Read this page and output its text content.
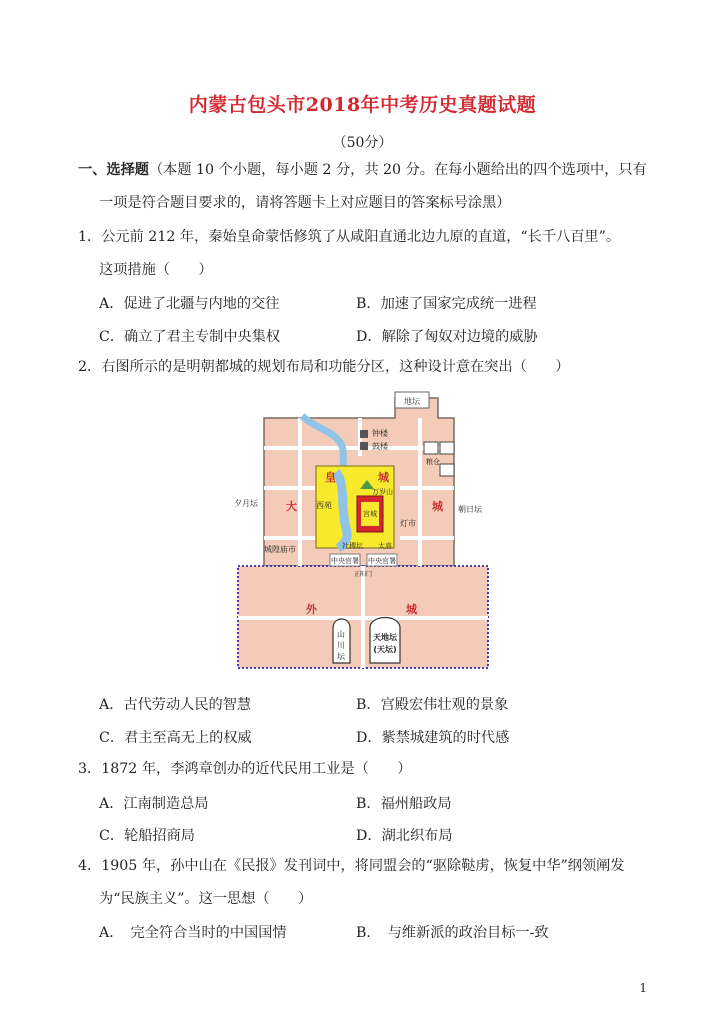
内蒙古包头市2018年中考历史真题试题
（50分）
一、选择题（本题 10 个小题，每小题 2 分，共 20 分。在每小题给出的四个选项中，只有
一项是符合题目要求的，请将答题卡上对应题目的答案标号涂黑）
1．公元前 212 年，秦始皇命蒙恬修筑了从咸阳直通北边九原的直道，“长千八百里”。
这项措施（　　）
A．促进了北疆与内地的交往	B．加速了国家完成统一进程
C．确立了君主专制中央集权	D．解除了匈奴对边境的威胁
2．右图所示的是明朝都城的规划布局和功能分区，这种设计意在突出（　　）
地坛
钟楼
鼓楼
粮仓
夕月坛
朝日坛
皇	城
西苑
万岁山
宫城
灯市
城隍庙市
大	城
社稷坛 太庙
中央官署 中央官署
正阳门
外	城
山
川
坛
天地坛
(天坛)
A．古代劳动人民的智慧	B．宫殿宏伟壮观的景象
C．君主至高无上的权威	D．紫禁城建筑的时代感
3．1872 年，李鸿章创办的近代民用工业是（　　）
A．江南制造总局	B．福州船政局
C．轮船招商局	D．湖北织布局
4．1905 年，孙中山在《民报》发刊词中，将同盟会的“驱除鞑虏，恢复中华”纲领阐发
为“民族主义”。这一思想（　　）
A．　完全符合当时的中国国情	B．　与维新派的政治目标一-致
1
